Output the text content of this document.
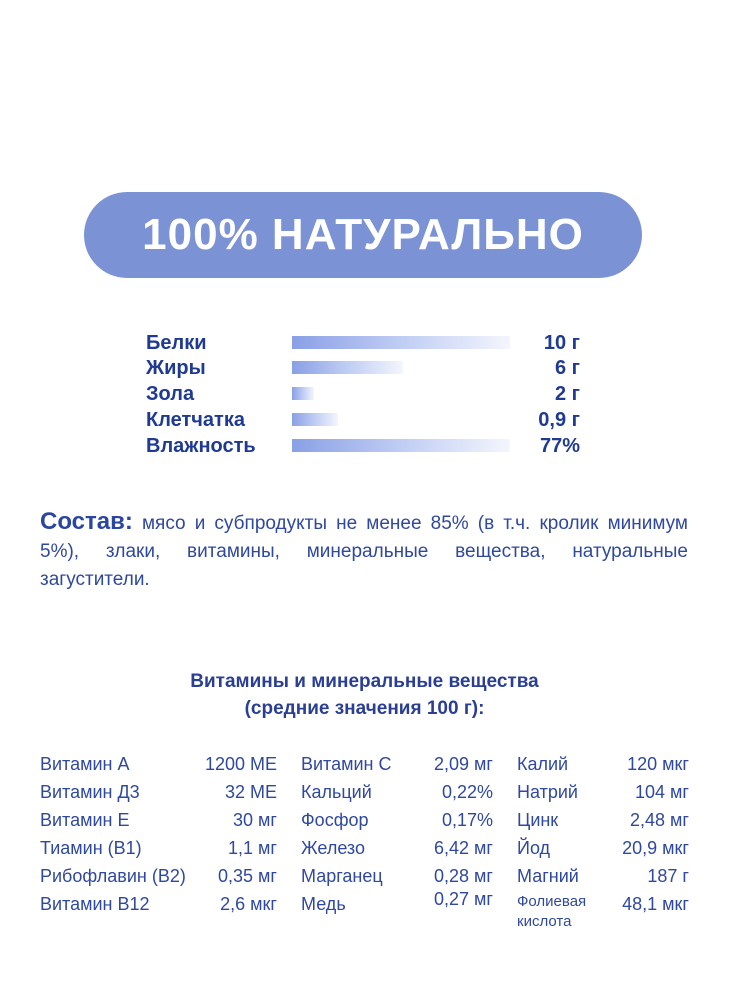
100% НАТУРАЛЬНО
Белки	10 г
Жиры	6 г
Зола	2 г
Клетчатка	0,9 г
Влажность	77%
Состав: мясо и субпродукты не менее 85% (в т.ч. кролик минимум 5%), злаки, витамины, минеральные вещества, натуральные загустители.
Витамины и минеральные вещества
(средние значения 100 г):
Витамин А	1200 МЕ
Витамин Д3	32 МЕ
Витамин Е	30 мг
Тиамин (В1)	1,1 мг
Рибофлавин (В2) 0,35 мг
Витамин В12	2,6 мкг
Витамин С 2,09 мг
Кальций	0,22%
Фосфор	0,17%
Железо	6,42 мг
Марганец	0,28 мг
Медь	0,27 мг
Калий	120 мкг
Натрий	104 мг
Цинк	2,48 мг
Йод	20,9 мкг
Магний	187 г
Фолиевая
кислота
48,1 мкг
